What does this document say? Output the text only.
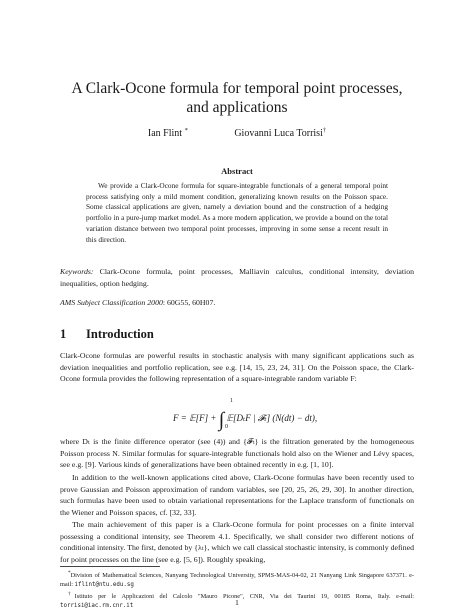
A Clark-Ocone formula for temporal point processes, and applications
Ian Flint *	Giovanni Luca Torrisi†
Abstract
We provide a Clark-Ocone formula for square-integrable functionals of a general temporal point process satisfying only a mild moment condition, generalizing known results on the Poisson space. Some classical applications are given, namely a deviation bound and the construction of a hedging portfolio in a pure-jump market model. As a more modern application, we provide a bound on the total variation distance between two temporal point processes, improving in some sense a recent result in this direction.
Keywords: Clark-Ocone formula, point processes, Malliavin calculus, conditional intensity, deviation inequalities, option hedging.
AMS Subject Classification 2000: 60G55, 60H07.
1 Introduction

Clark-Ocone formulas are powerful results in stochastic analysis with many significant applications such as deviation inequalities and portfolio replication, see e.g. [14, 15, 23, 24, 31]. On the Poisson space, the Clark-Ocone formula provides the following representation of a square-integrable random variable F:

F = 𝔼[F] + ∫ 𝔼[DₜF | 𝓕ₜ] (N(dt) − dt),
1
0

where Dₜ is the finite difference operator (see (4)) and {𝓕ₜ} is the filtration generated by the homogeneous Poisson process N. Similar formulas for square-integrable functionals hold also on the Wiener and Lévy spaces, see e.g. [9]. Various kinds of generalizations have been obtained recently in e.g. [1, 10].

In addition to the well-known applications cited above, Clark-Ocone formulas have been recently used to prove Gaussian and Poisson approximation of random variables, see [20, 25, 26, 29, 30]. In another direction, such formulas have been used to obtain variational representations for the Laplace transform of functionals on the Wiener and Poisson spaces, cf. [32, 33].

The main achievement of this paper is a Clark-Ocone formula for point processes on a finite interval possessing a conditional intensity, see Theorem 4.1. Specifically, we shall consider two different notions of conditional intensity. The first, denoted by {λₜ}, which we call classical stochastic intensity, is commonly defined for point processes on the line (see e.g. [5, 6]). Roughly speaking,

*Division of Mathematical Sciences, Nanyang Technological University, SPMS-MAS-04-02, 21 Nanyang Link Singapore 637371. e-mail: iflint@ntu.edu.sg
†Istituto per le Applicazioni del Calcolo "Mauro Picone", CNR, Via dei Taurini 19, 00185 Roma, Italy. e-mail: torrisi@iac.rm.cnr.it	1
